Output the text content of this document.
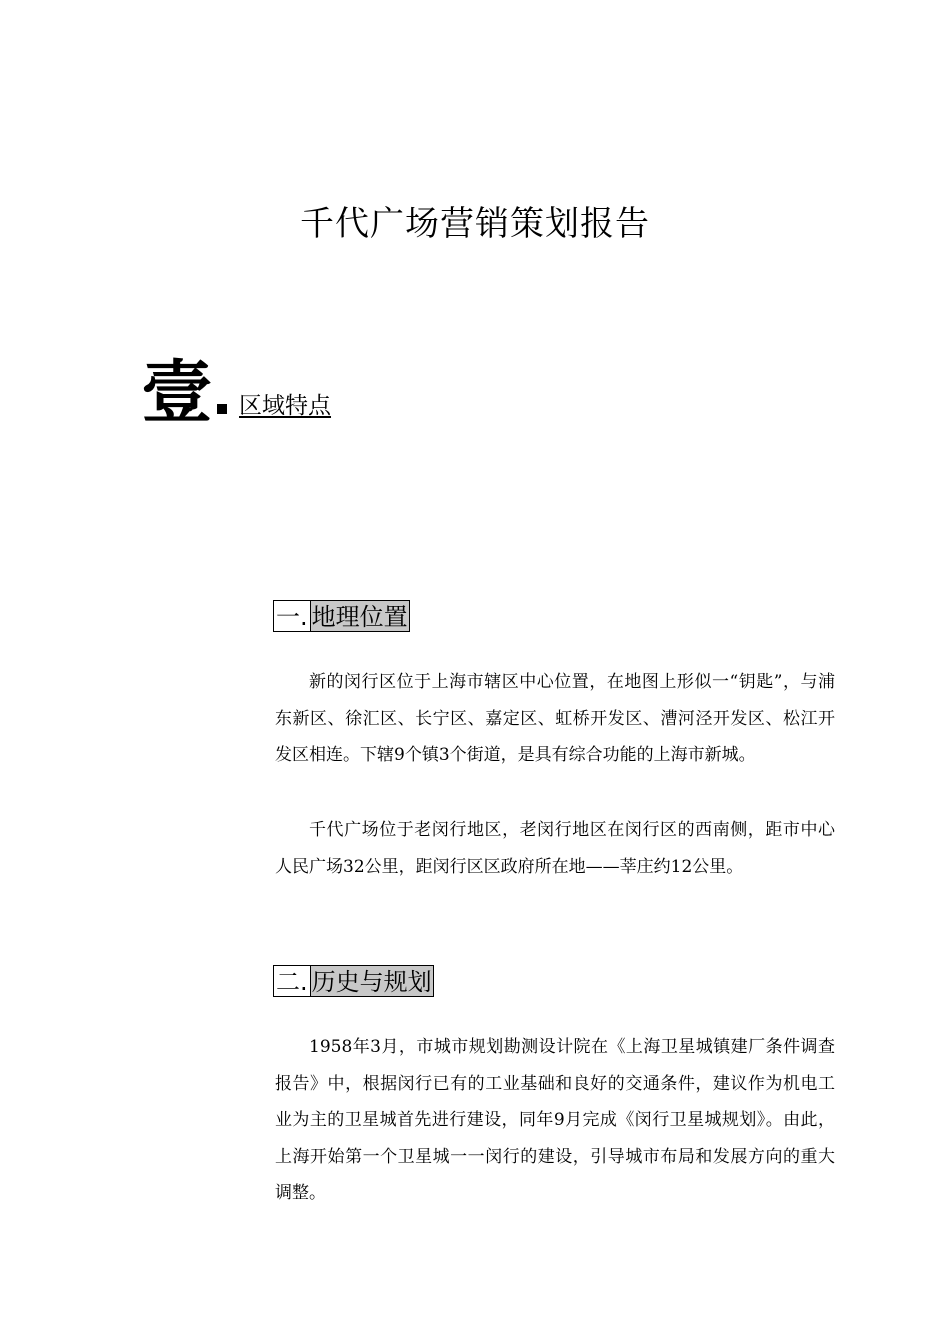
千代广场营销策划报告
壹 区域特点
一. 地理位置

新的闵行区位于上海市辖区中心位置，在地图上形似一“钥匙”，与浦东新区、徐汇区、长宁区、嘉定区、虹桥开发区、漕河泾开发区、松江开发区相连。下辖9个镇3个街道，是具有综合功能的上海市新城。

千代广场位于老闵行地区，老闵行地区在闵行区的西南侧，距市中心人民广场32公里，距闵行区区政府所在地——莘庄约12公里。

二. 历史与规划

1958年3月，市城市规划勘测设计院在《上海卫星城镇建厂条件调查报告》中，根据闵行已有的工业基础和良好的交通条件，建议作为机电工业为主的卫星城首先进行建设，同年9月完成《闵行卫星城规划》。由此，上海开始第一个卫星城一一闵行的建设，引导城市布局和发展方向的重大调整。
